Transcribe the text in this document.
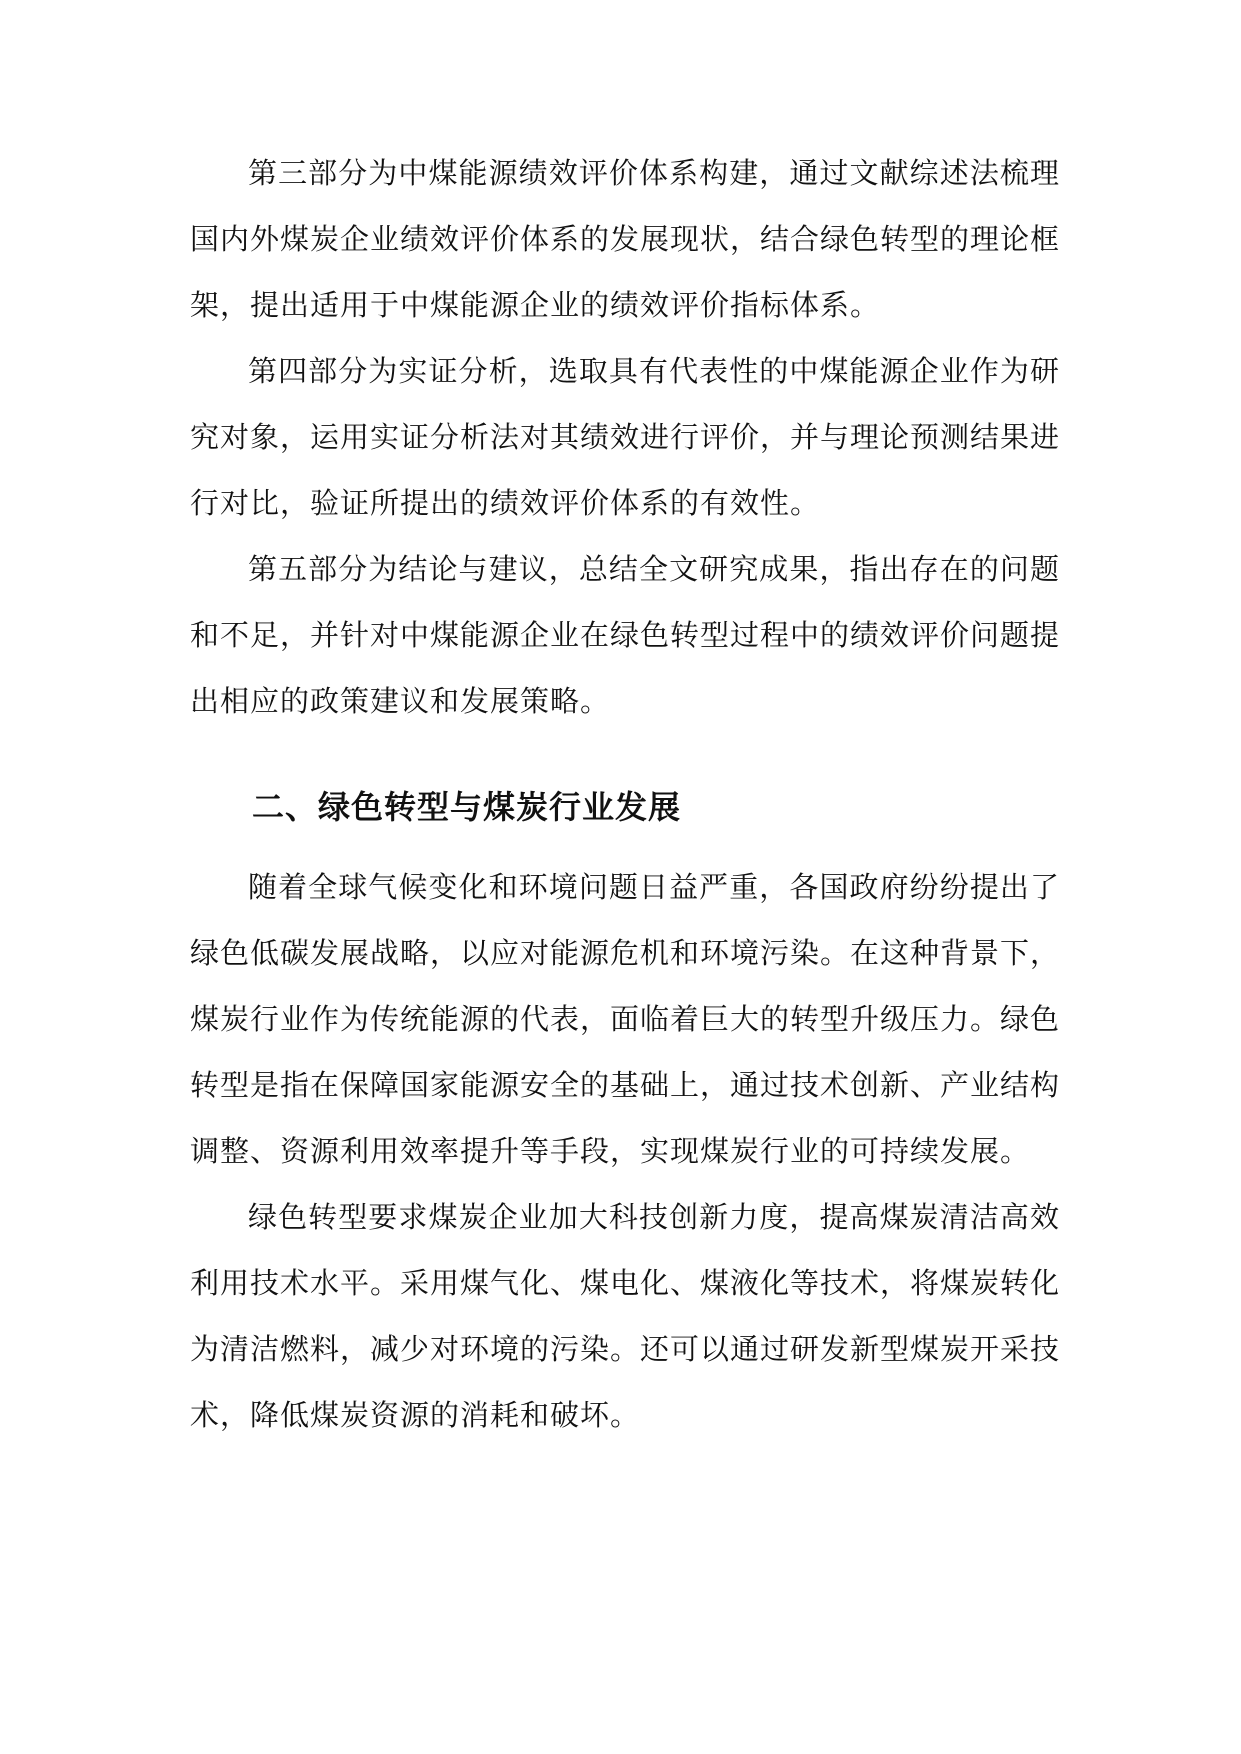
第三部分为中煤能源绩效评价体系构建，通过文献综述法梳理国内外煤炭企业绩效评价体系的发展现状，结合绿色转型的理论框架，提出适用于中煤能源企业的绩效评价指标体系。

第四部分为实证分析，选取具有代表性的中煤能源企业作为研究对象，运用实证分析法对其绩效进行评价，并与理论预测结果进行对比，验证所提出的绩效评价体系的有效性。

第五部分为结论与建议，总结全文研究成果，指出存在的问题和不足，并针对中煤能源企业在绿色转型过程中的绩效评价问题提出相应的政策建议和发展策略。

二、绿色转型与煤炭行业发展

随着全球气候变化和环境问题日益严重，各国政府纷纷提出了绿色低碳发展战略，以应对能源危机和环境污染。在这种背景下，煤炭行业作为传统能源的代表，面临着巨大的转型升级压力。绿色转型是指在保障国家能源安全的基础上，通过技术创新、产业结构调整、资源利用效率提升等手段，实现煤炭行业的可持续发展。

绿色转型要求煤炭企业加大科技创新力度，提高煤炭清洁高效利用技术水平。采用煤气化、煤电化、煤液化等技术，将煤炭转化为清洁燃料，减少对环境的污染。还可以通过研发新型煤炭开采技术，降低煤炭资源的消耗和破坏。
